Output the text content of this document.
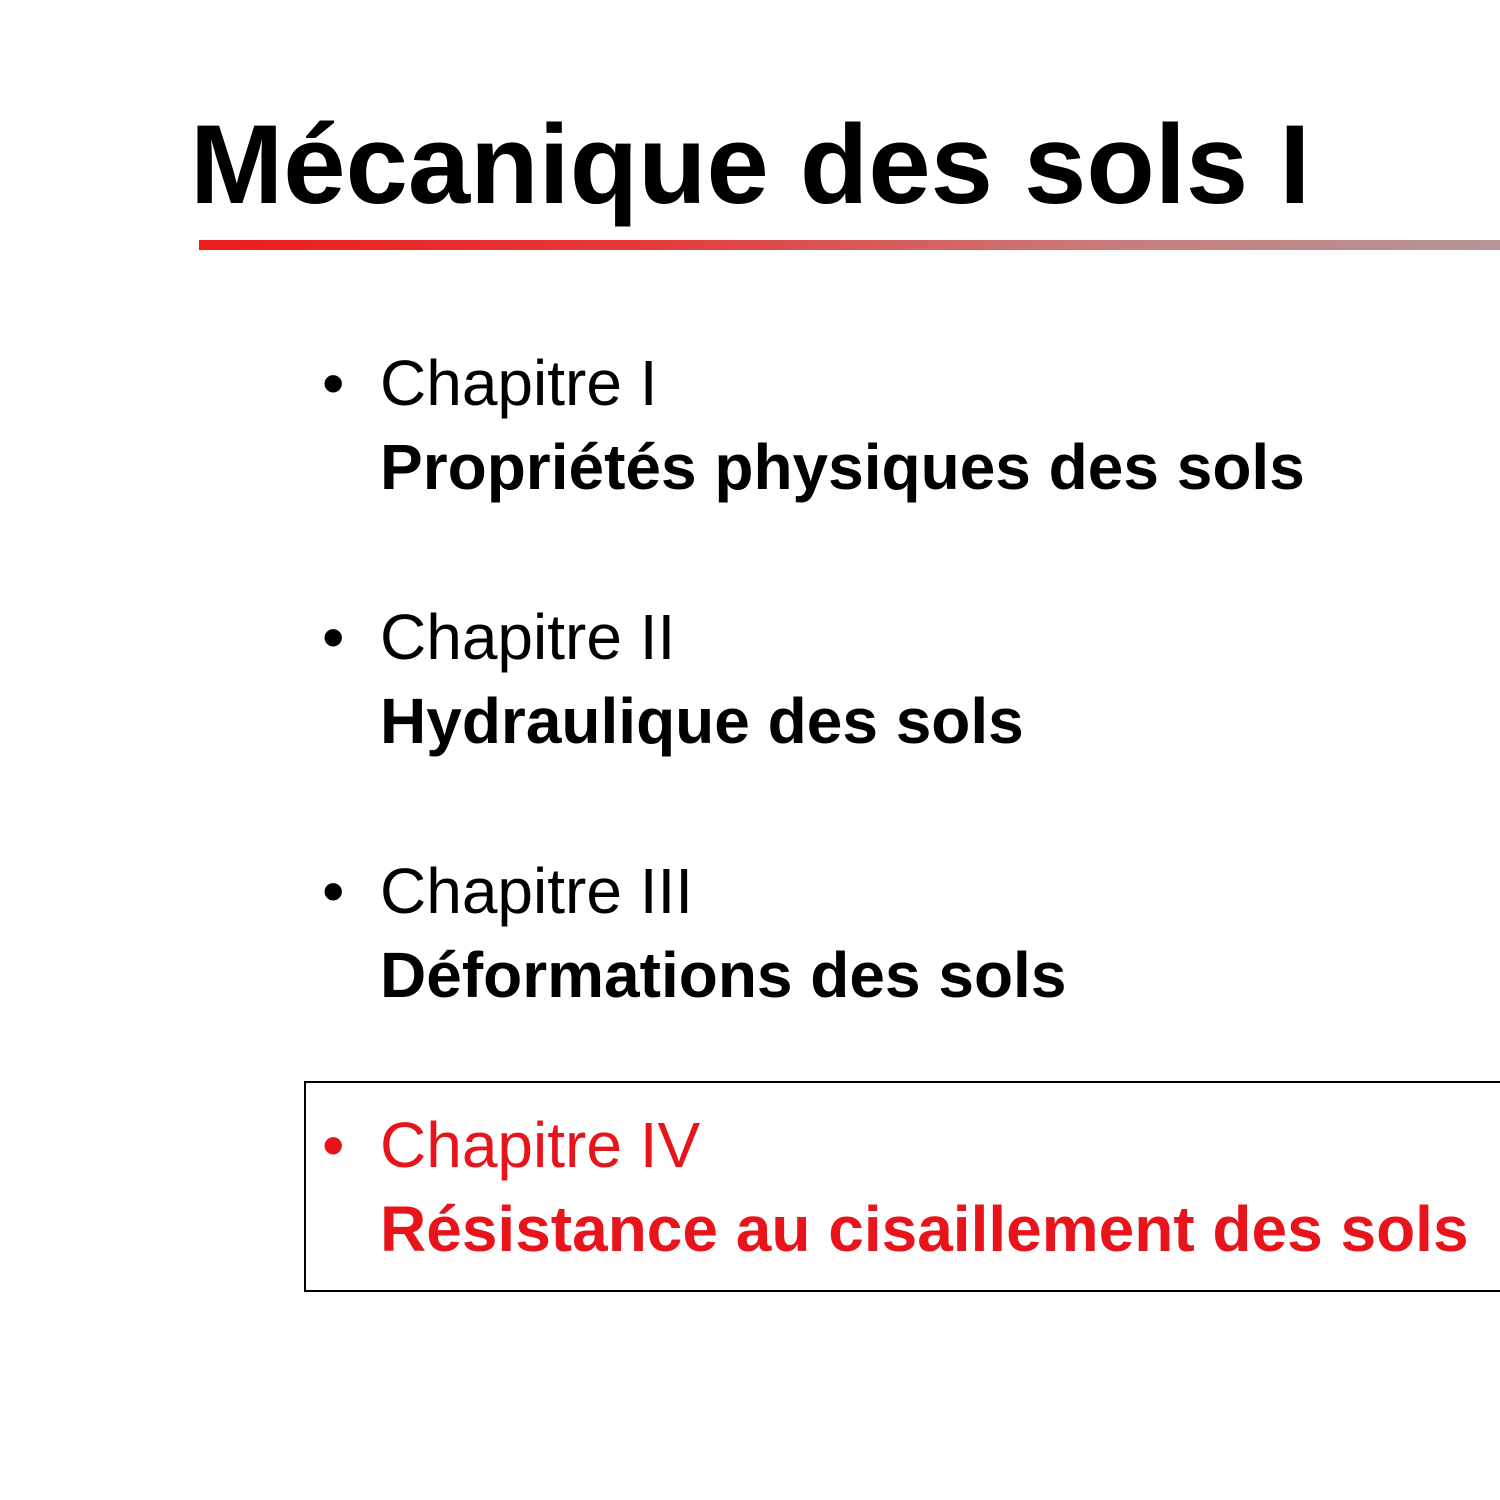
Mécanique des sols I
• Chapitre I
Propriétés physiques des sols
• Chapitre II
Hydraulique des sols
• Chapitre III
Déformations des sols
• Chapitre IV
Résistance au cisaillement des sols
